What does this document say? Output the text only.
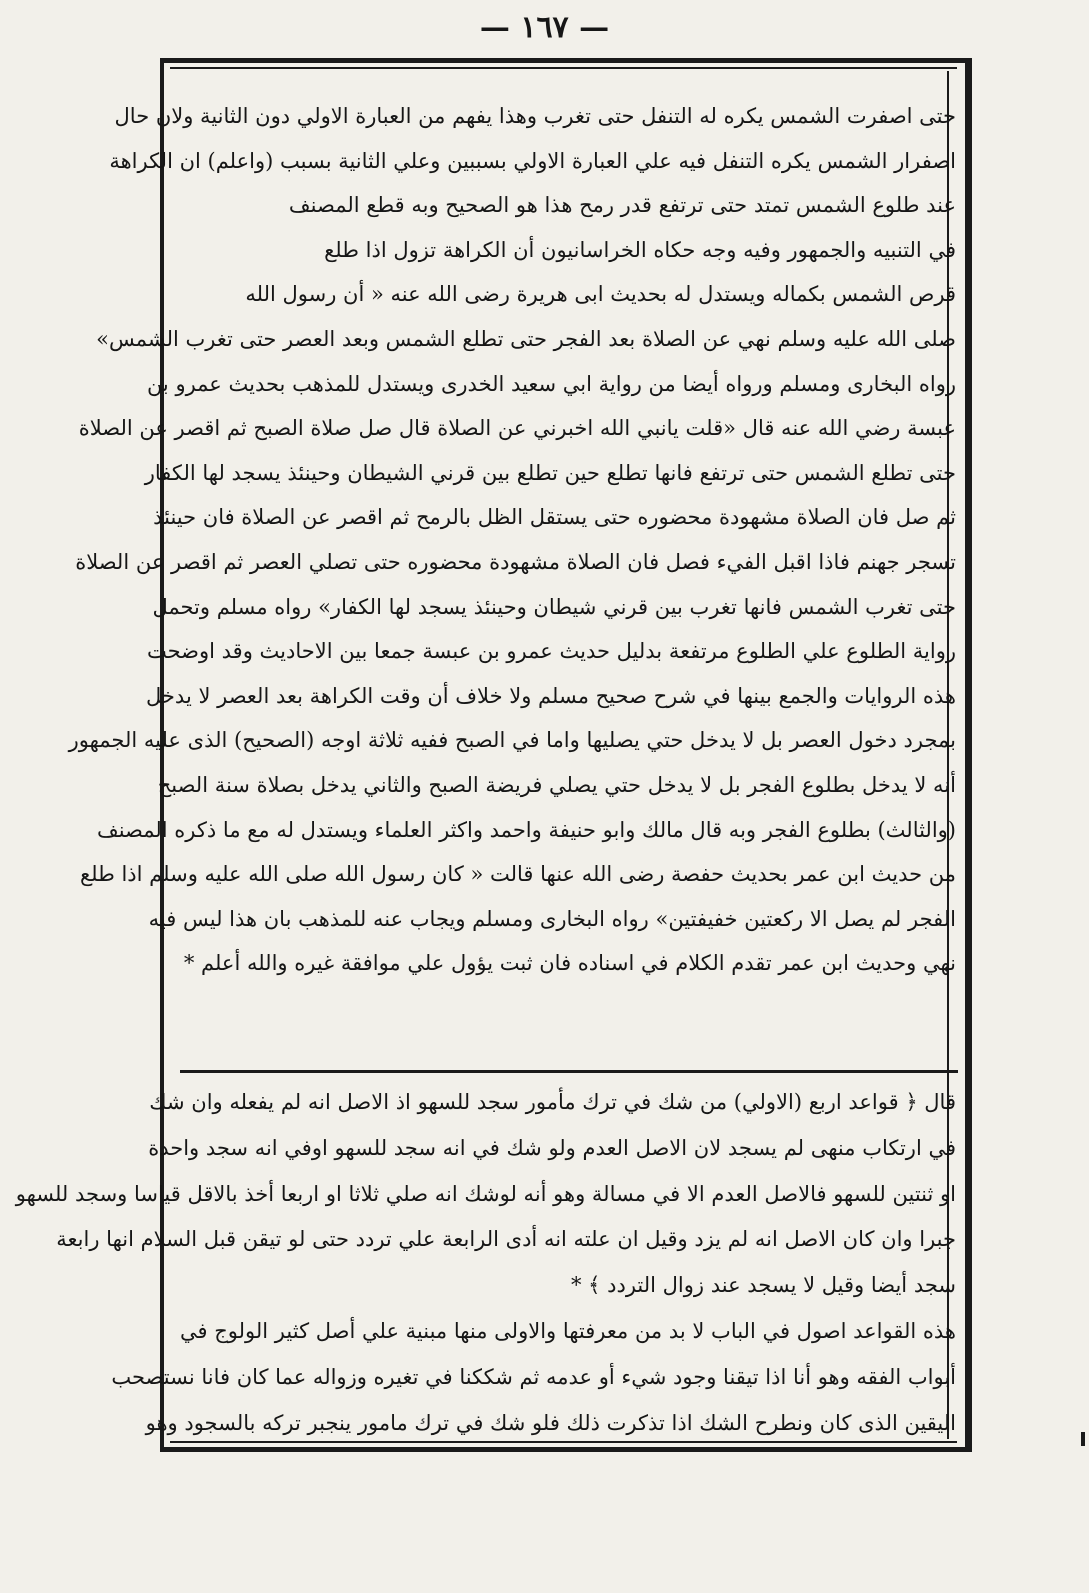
— ١٦٧ —
حتى اصفرت الشمس يكره له التنفل حتى تغرب وهذا يفهم من العبارة الاولي دون الثانية ولان حال
اصفرار الشمس يكره التنفل فيه علي العبارة الاولي بسببين وعلي الثانية بسبب (واعلم) ان الكراهة
عند طلوع الشمس تمتد حتى ترتفع قدر رمح هذا هو الصحيح وبه قطع المصنف
في التنبيه والجمهور وفيه وجه حكاه الخراسانيون أن الكراهة تزول اذا طلع
قرص الشمس بكماله ويستدل له بحديث ابى هريرة رضى الله عنه « أن رسول الله
صلى الله عليه وسلم نهي عن الصلاة بعد الفجر حتى تطلع الشمس وبعد العصر حتى تغرب الشمس»
رواه البخارى ومسلم ورواه أيضا من رواية ابي سعيد الخدرى ويستدل للمذهب بحديث عمرو بن
عبسة رضي الله عنه قال «قلت يانبي الله اخبرني عن الصلاة قال صل صلاة الصبح ثم اقصر عن الصلاة
حتى تطلع الشمس حتى ترتفع فانها تطلع حين تطلع بين قرني الشيطان وحينئذ يسجد لها الكفار
ثم صل فان الصلاة مشهودة محضوره حتى يستقل الظل بالرمح ثم اقصر عن الصلاة فان حينئذ
تسجر جهنم فاذا اقبل الفيء فصل فان الصلاة مشهودة محضوره حتى تصلي العصر ثم اقصر عن الصلاة
حتى تغرب الشمس فانها تغرب بين قرني شيطان وحينئذ يسجد لها الكفار» رواه مسلم وتحمل
رواية الطلوع علي الطلوع مرتفعة بدليل حديث عمرو بن عبسة جمعا بين الاحاديث وقد اوضحت
هذه الروايات والجمع بينها في شرح صحيح مسلم ولا خلاف أن وقت الكراهة بعد العصر لا يدخل
بمجرد دخول العصر بل لا يدخل حتي يصليها واما في الصبح ففيه ثلاثة اوجه (الصحيح) الذى عليه الجمهور
أنه لا يدخل بطلوع الفجر بل لا يدخل حتي يصلي فريضة الصبح والثاني يدخل بصلاة سنة الصبح
(والثالث) بطلوع الفجر وبه قال مالك وابو حنيفة واحمد واكثر العلماء ويستدل له مع ما ذكره المصنف
من حديث ابن عمر بحديث حفصة رضى الله عنها قالت « كان رسول الله صلى الله عليه وسلم اذا طلع
الفجر لم يصل الا ركعتين خفيفتين» رواه البخارى ومسلم ويجاب عنه للمذهب بان هذا ليس فيه
نهي وحديث ابن عمر تقدم الكلام في اسناده فان ثبت يؤول علي موافقة غيره والله أعلم *
قال ﴿ قواعد اربع (الاولي) من شك في ترك مأمور سجد للسهو اذ الاصل انه لم يفعله وان شك
في ارتكاب منهى لم يسجد لان الاصل العدم ولو شك في انه سجد للسهو اوفي انه سجد واحدة
او ثنتين للسهو فالاصل العدم الا في مسالة وهو أنه لوشك انه صلي ثلاثا او اربعا أخذ بالاقل قياسا وسجد للسهو
جبرا وان كان الاصل انه لم يزد وقيل ان علته انه أدى الرابعة علي تردد حتى لو تيقن قبل السلام انها رابعة
سجد أيضا وقيل لا يسجد عند زوال التردد ﴾ *
هذه القواعد اصول في الباب لا بد من معرفتها والاولى منها مبنية علي أصل كثير الولوج في
أبواب الفقه وهو أنا اذا تيقنا وجود شيء أو عدمه ثم شككنا في تغيره وزواله عما كان فانا نستصحب
اليقين الذى كان ونطرح الشك اذا تذكرت ذلك فلو شك في ترك مامور ينجبر تركه بالسجود وهو
